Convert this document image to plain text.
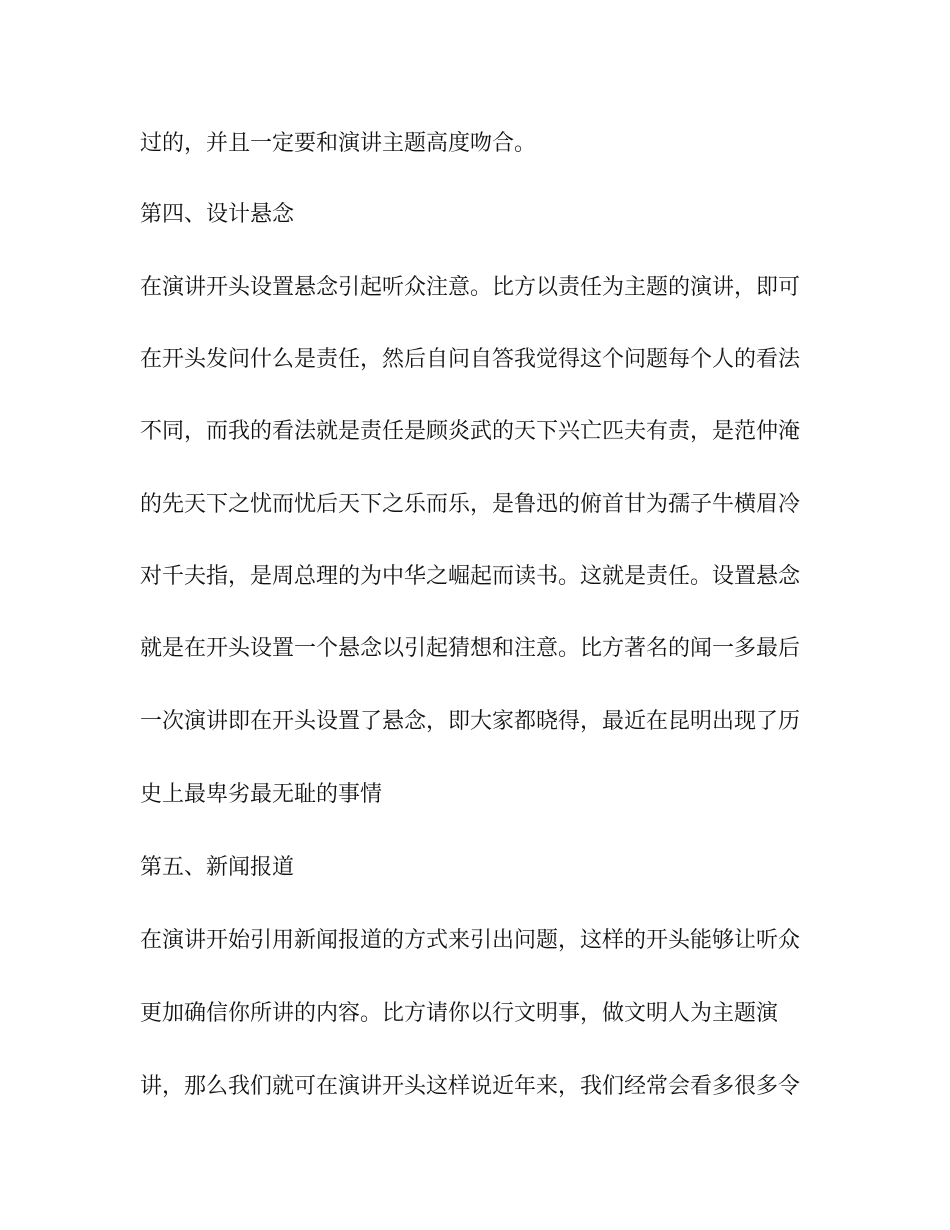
过的，并且一定要和演讲主题高度吻合。
第四、设计悬念
在演讲开头设置悬念引起听众注意。比方以责任为主题的演讲，即可
在开头发问什么是责任，然后自问自答我觉得这个问题每个人的看法
不同，而我的看法就是责任是顾炎武的天下兴亡匹夫有责，是范仲淹
的先天下之忧而忧后天下之乐而乐，是鲁迅的俯首甘为孺子牛横眉冷
对千夫指，是周总理的为中华之崛起而读书。这就是责任。设置悬念
就是在开头设置一个悬念以引起猜想和注意。比方著名的闻一多最后
一次演讲即在开头设置了悬念，即大家都晓得，最近在昆明出现了历
史上最卑劣最无耻的事情
第五、新闻报道
在演讲开始引用新闻报道的方式来引出问题，这样的开头能够让听众
更加确信你所讲的内容。比方请你以行文明事，做文明人为主题演
讲，那么我们就可在演讲开头这样说近年来，我们经常会看多很多令
